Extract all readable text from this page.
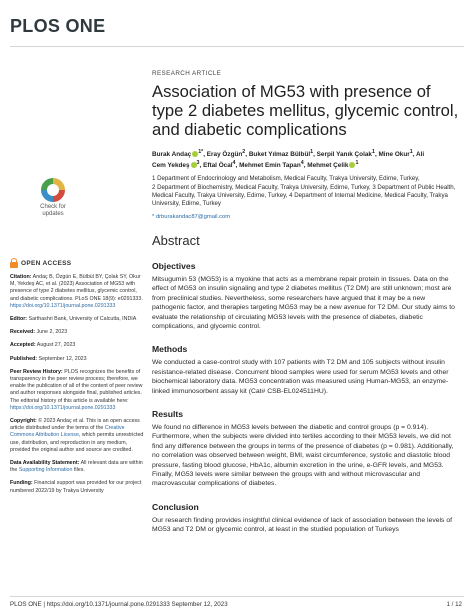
PLOS ONE
Check for
updates
OPEN ACCESS

Citation: Andaç B, Özgün E, Bülbül BY, Çolak SY, Okur M, Yekdeş AC, et al. (2023) Association of MG53 with presence of type 2 diabetes mellitus, glycemic control, and diabetic complications. PLoS ONE 18(9): e0291333. https://doi.org/10.1371/journal.pone.0291333

Editor: Sarthashri Bank, University of Calcutta, INDIA

Received: June 2, 2023

Accepted: August 27, 2023

Published: September 12, 2023

Peer Review History: PLOS recognizes the benefits of transparency in the peer review process; therefore, we enable the publication of all of the content of peer review and author responses alongside final, published articles. The editorial history of this article is available here: https://doi.org/10.1371/journal.pone.0291333

Copyright: © 2023 Andaç et al. This is an open access article distributed under the terms of the Creative Commons Attribution License, which permits unrestricted use, distribution, and reproduction in any medium, provided the original author and source are credited.

Data Availability Statement: All relevant data are within the Supporting Information files.

Funding: Financial support was provided for our project numbered 2022/19 by Trakya University

RESEARCH ARTICLE
Association of MG53 with presence of type 2 diabetes mellitus, glycemic control, and diabetic complications
Burak Andaç $^{1*}$, Eray Özgün$^2$, Buket Yılmaz Bülbül$^1$, Serpil Yanık Çolak$^1$, Mine Okur$^1$, Ali
Cem Yekdeş $^3$, Eftal Öcal$^4$, Mehmet Emin Tapan$^4$, Mehmet Çelik $^1$
1 Department of Endocrinology and Metabolism, Medical Faculty, Trakya University, Edirne, Turkey,
2 Department of Biochemistry, Medical Faculty, Trakya University, Edirne, Turkey, 3 Department of Public Health, Medical Faculty, Trakya University, Edirne, Turkey, 4 Department of Internal Medicine, Medical Faculty, Trakya University, Edirne, Turkey
* drburakandac87@gmail.com
Abstract
Objectives
Mitsugumin 53 (MG53) is a myokine that acts as a membrane repair protein in tissues. Data on the effect of MG53 on insulin signaling and type 2 diabetes mellitus (T2 DM) are still unknown; most are from preclinical studies. Nevertheless, some researchers have argued that it may be a new pathogenic factor, and therapies targeting MG53 may be a new avenue for T2 DM. Our study aims to evaluate the relationship of circulating MG53 levels with the presence of diabetes, diabetic complications, and glycemic control.
Methods
We conducted a case-control study with 107 patients with T2 DM and 105 subjects without insulin resistance-related disease. Concurrent blood samples were used for serum MG53 levels and other biochemical laboratory data. MG53 concentration was measured using Human-MG53, an enzyme-linked immunosorbent assay kit (Cat# CSB-EL024511HU).
Results
We found no difference in MG53 levels between the diabetic and control groups (p = 0.914). Furthermore, when the subjects were divided into tertiles according to their MG53 levels, we did not find any difference between the groups in terms of the presence of diabetes (p = 0.981). Additionally, no correlation was observed between weight, BMI, waist circumference, systolic and diastolic blood pressure, fasting blood glucose, HbA1c, albumin excretion in the urine, e-GFR levels, and MG53. Finally, MG53 levels were similar between the groups with and without microvascular and macrovascular complications of diabetes.
Conclusion
Our research finding provides insightful clinical evidence of lack of association between the levels of MG53 and T2 DM or glycemic control, at least in the studied population of Turkeys
PLOS ONE | https://doi.org/10.1371/journal.pone.0291333 September 12, 2023	1 / 12
